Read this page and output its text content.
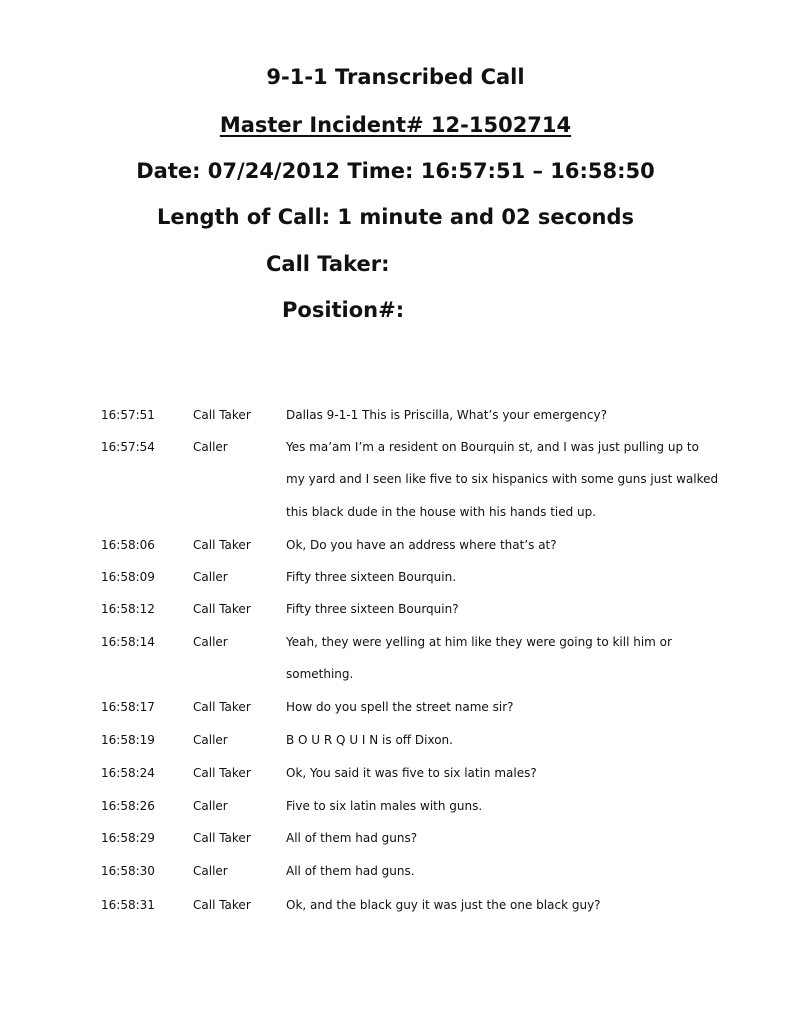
9-1-1 Transcribed Call
Master Incident# 12-1502714
Date: 07/24/2012 Time: 16:57:51 – 16:58:50
Length of Call: 1 minute and 02 seconds
Call Taker:
Position#:
16:57:51	Call Taker	Dallas 9-1-1 This is Priscilla, What’s your emergency?
16:57:54	Caller	Yes ma’am I’m a resident on Bourquin st, and I was just pulling up to
my yard and I seen like five to six hispanics with some guns just walked
this black dude in the house with his hands tied up.
16:58:06	Call Taker	Ok, Do you have an address where that’s at?
16:58:09	Caller	Fifty three sixteen Bourquin.
16:58:12	Call Taker	Fifty three sixteen Bourquin?
16:58:14	Caller	Yeah, they were yelling at him like they were going to kill him or
something.
16:58:17	Call Taker	How do you spell the street name sir?
16:58:19	Caller	B O U R Q U I N is off Dixon.
16:58:24	Call Taker	Ok, You said it was five to six latin males?
16:58:26	Caller	Five to six latin males with guns.
16:58:29	Call Taker	All of them had guns?
16:58:30	Caller	All of them had guns.
16:58:31	Call Taker	Ok, and the black guy it was just the one black guy?
